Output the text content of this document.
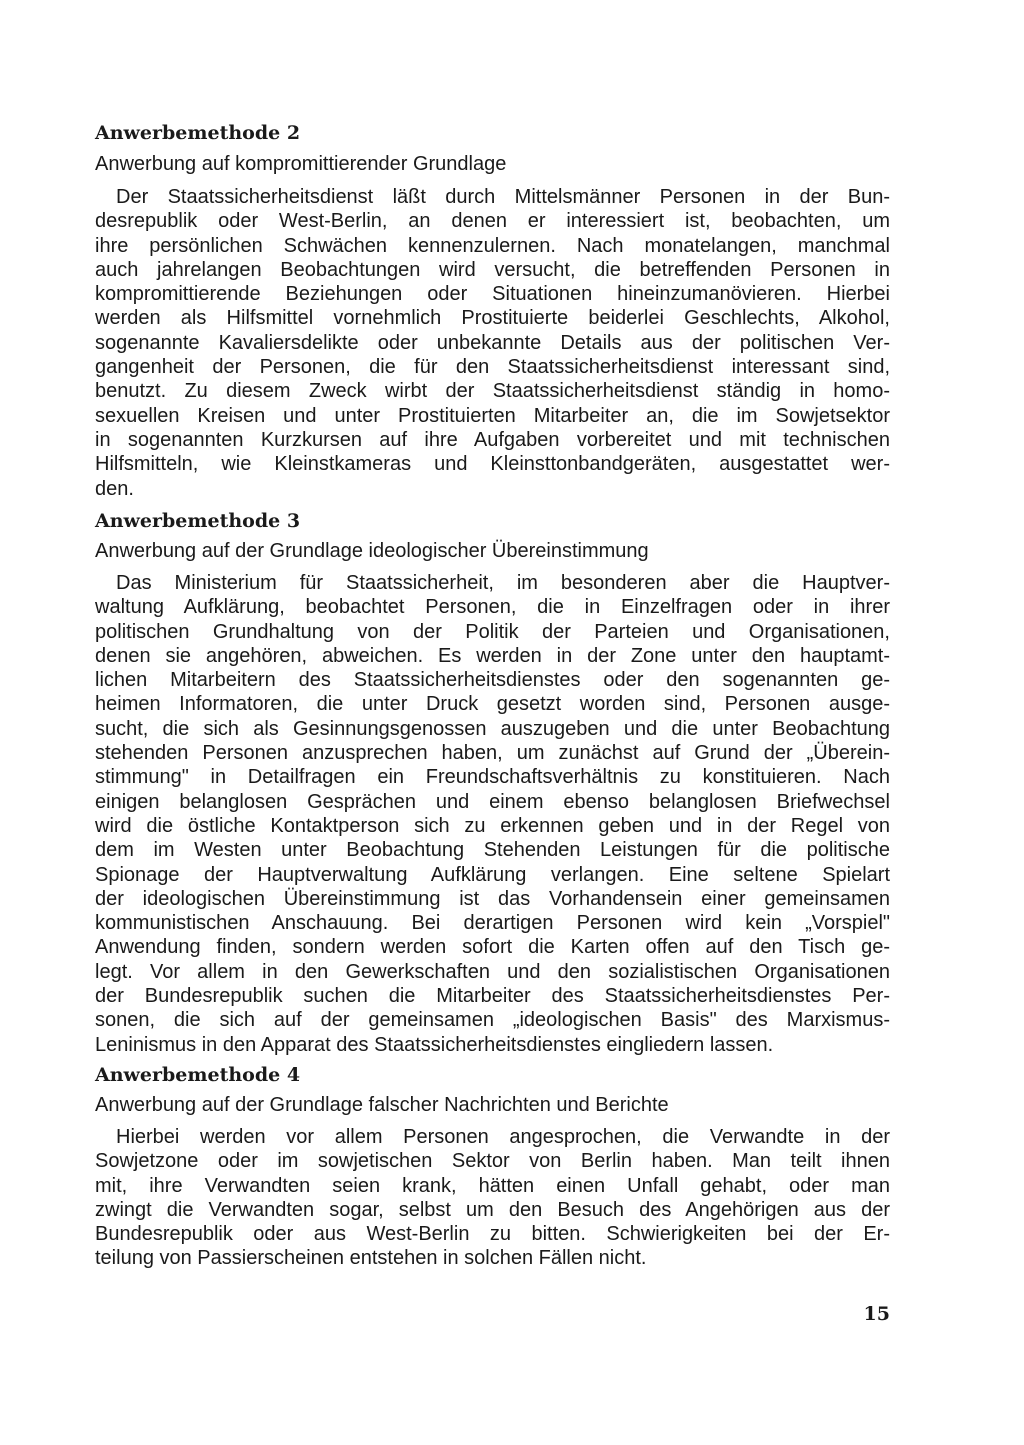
Anwerbemethode 2
Anwerbung auf kompromittierender Grundlage
Der Staatssicherheitsdienst läßt durch Mittelsmänner Personen in der Bun-
desrepublik oder West-Berlin, an denen er interessiert ist, beobachten, um
ihre persönlichen Schwächen kennenzulernen. Nach monatelangen, manchmal
auch jahrelangen Beobachtungen wird versucht, die betreffenden Personen in
kompromittierende Beziehungen oder Situationen hineinzumanövieren. Hierbei
werden als Hilfsmittel vornehmlich Prostituierte beiderlei Geschlechts, Alkohol,
sogenannte Kavaliersdelikte oder unbekannte Details aus der politischen Ver-
gangenheit der Personen, die für den Staatssicherheitsdienst interessant sind,
benutzt. Zu diesem Zweck wirbt der Staatssicherheitsdienst ständig in homo-
sexuellen Kreisen und unter Prostituierten Mitarbeiter an, die im Sowjetsektor
in sogenannten Kurzkursen auf ihre Aufgaben vorbereitet und mit technischen
Hilfsmitteln, wie Kleinstkameras und Kleinsttonbandgeräten, ausgestattet wer-
den.
Anwerbemethode 3
Anwerbung auf der Grundlage ideologischer Übereinstimmung
Das Ministerium für Staatssicherheit, im besonderen aber die Hauptver-
waltung Aufklärung, beobachtet Personen, die in Einzelfragen oder in ihrer
politischen Grundhaltung von der Politik der Parteien und Organisationen,
denen sie angehören, abweichen. Es werden in der Zone unter den hauptamt-
lichen Mitarbeitern des Staatssicherheitsdienstes oder den sogenannten ge-
heimen Informatoren, die unter Druck gesetzt worden sind, Personen ausge-
sucht, die sich als Gesinnungsgenossen auszugeben und die unter Beobachtung
stehenden Personen anzusprechen haben, um zunächst auf Grund der „Überein-
stimmung" in Detailfragen ein Freundschaftsverhältnis zu konstituieren. Nach
einigen belanglosen Gesprächen und einem ebenso belanglosen Briefwechsel
wird die östliche Kontaktperson sich zu erkennen geben und in der Regel von
dem im Westen unter Beobachtung Stehenden Leistungen für die politische
Spionage der Hauptverwaltung Aufklärung verlangen. Eine seltene Spielart
der ideologischen Übereinstimmung ist das Vorhandensein einer gemeinsamen
kommunistischen Anschauung. Bei derartigen Personen wird kein „Vorspiel"
Anwendung finden, sondern werden sofort die Karten offen auf den Tisch ge-
legt. Vor allem in den Gewerkschaften und den sozialistischen Organisationen
der Bundesrepublik suchen die Mitarbeiter des Staatssicherheitsdienstes Per-
sonen, die sich auf der gemeinsamen „ideologischen Basis" des Marxismus-
Leninismus in den Apparat des Staatssicherheitsdienstes eingliedern lassen.
Anwerbemethode 4
Anwerbung auf der Grundlage falscher Nachrichten und Berichte
Hierbei werden vor allem Personen angesprochen, die Verwandte in der
Sowjetzone oder im sowjetischen Sektor von Berlin haben. Man teilt ihnen
mit, ihre Verwandten seien krank, hätten einen Unfall gehabt, oder man
zwingt die Verwandten sogar, selbst um den Besuch des Angehörigen aus der
Bundesrepublik oder aus West-Berlin zu bitten. Schwierigkeiten bei der Er-
teilung von Passierscheinen entstehen in solchen Fällen nicht.
15
